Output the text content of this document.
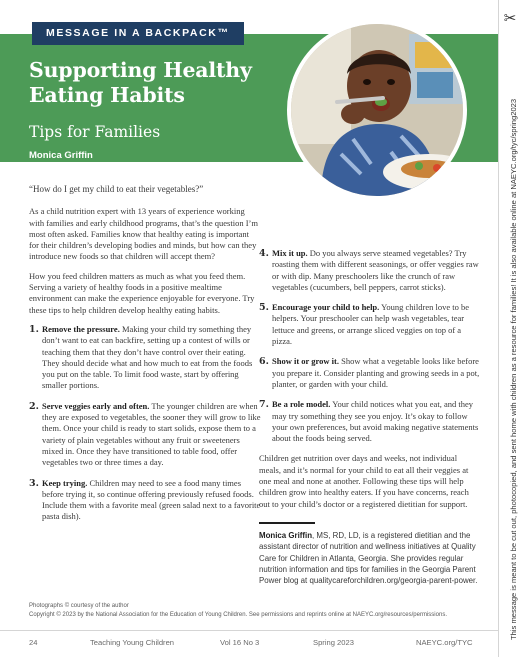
MESSAGE IN A BACKPACK™
Supporting Healthy Eating Habits
Tips for Families
Monica Griffin
✂
This message is meant to be cut out, photocopied, and sent home with children as a resource for families! It is also available online at NAEYC.org/tyc/spring2023

“How do I get my child to eat their vegetables?”

As a child nutrition expert with 13 years of experience working with families and early childhood programs, that’s the question I’m most often asked. Families know that healthy eating is important for their children’s developing bodies and minds, but how can they introduce new foods so that children will accept them?

How you feed children matters as much as what you feed them. Serving a variety of healthy foods in a positive mealtime environment can make the experience enjoyable for everyone. Try these tips to help children develop healthy eating habits.

1. Remove the pressure. Making your child try something they don’t want to eat can backfire, setting up a contest of wills or teaching them that they don’t have control over their eating. They should decide what and how much to eat from the foods you put on the table. To limit food waste, start by offering smaller portions.
2. Serve veggies early and often. The younger children are when they are exposed to vegetables, the sooner they will grow to like them. Once your child is ready to start solids, expose them to a variety of plain vegetables without any fruit or sweeteners mixed in. Once they have transitioned to table food, offer vegetables two or three times a day.
3. Keep trying. Children may need to see a food many times before trying it, so continue offering previously refused foods. Include them with a favorite meal (green salad next to a favorite pasta dish).
4. Mix it up. Do you always serve steamed vegetables? Try roasting them with different seasonings, or offer veggies raw or with dip. Many preschoolers like the crunch of raw vegetables (cucumbers, bell peppers, carrot sticks).
5. Encourage your child to help. Young children love to be helpers. Your preschooler can help wash vegetables, tear lettuce and greens, or arrange sliced veggies on top of a pizza.
6. Show it or grow it. Show what a vegetable looks like before you prepare it. Consider planting and growing seeds in a pot, planter, or garden with your child.
7. Be a role model. Your child notices what you eat, and they may try something they see you enjoy. It’s okay to follow your own preferences, but avoid making negative statements about the foods being served.

Children get nutrition over days and weeks, not individual meals, and it’s normal for your child to eat all their veggies at one meal and none at another. Following these tips will help children grow into healthy eaters. If you have concerns, reach out to your child’s doctor or a registered dietitian for support.

Monica Griffin, MS, RD, LD, is a registered dietitian and the assistant director of nutrition and wellness initiatives at Quality Care for Children in Atlanta, Georgia. She provides regular nutrition information and tips for families in the Georgia Parent Power blog at qualitycareforchildren.org/georgia-parent-power.

Photographs © courtesy of the author
Copyright © 2023 by the National Association for the Education of Young Children. See permissions and reprints online at NAEYC.org/resources/permissions.
24	Teaching Young Children	Vol 16 No 3	Spring 2023	NAEYC.org/TYC
